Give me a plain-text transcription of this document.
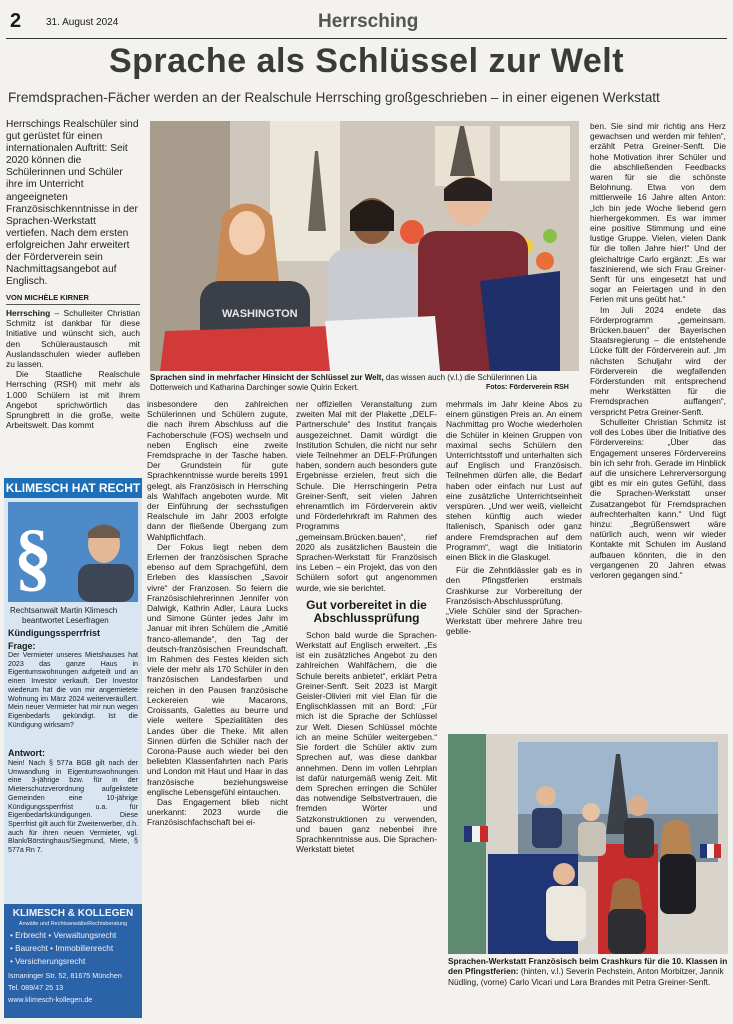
2 31. August 2024	Herrsching
Sprache als Schlüssel zur Welt
Fremdsprachen-Fächer werden an der Realschule Herrsching großgeschrieben – in einer eigenen Werkstatt
Herrschings Realschüler sind gut gerüstet für einen internationalen Auftritt: Seit 2020 können die Schülerinnen und Schüler ihre im Unterricht angeeigneten Französischkenntnisse in der Sprachen-Werkstatt vertiefen. Nach dem ersten erfolgreichen Jahr erweitert der Förderverein sein Nachmittagsangebot auf Englisch.
VON MICHÈLE KIRNER

Herrsching – Schulleiter Christian Schmitz ist dankbar für diese Initiative und wünscht sich, auch den Schüleraustausch mit Auslandsschulen wieder aufleben zu lassen.

Die Staatliche Realschule Herrsching (RSH) mit mehr als 1.000 Schülern ist mit ihrem Angebot sprichwörtlich das Sprungbrett in die große, weite Arbeitswelt. Das kommt

WASHINGTON
Sprachen sind in mehrfacher Hinsicht der Schlüssel zur Welt, das wissen auch (v.l.) die Schülerinnen Lia Dotterweich und Katharina Darchinger sowie Quirin Eckert.	Fotos: Förderverein RSH
KLIMESCH HAT RECHT
§
Rechtsanwalt Martin Klimesch
beantwortet Leserfragen
Kündigungssperrfrist
Frage:
Der Vermieter unseres Mietshauses hat 2023 das ganze Haus in Eigentumswohnungen aufgeteilt und an einen Investor verkauft. Der Investor wiederum hat die von mir angemietete Wohnung im März 2024 weiterveräußert. Mein neuer Vermieter hat mir nun wegen Eigenbedarfs gekündigt. Ist die Kündigung wirksam?
Antwort:
Nein! Nach § 577a BGB gilt nach der Umwandlung in Eigentumswohnungen eine 3-jährige bzw. für in der Mieterschutzverordnung aufgelistete Gemeinden eine 10-jährige Kündigungssperrfrist u.a. für Eigenbedarfskündigungen. Diese Sperrfrist gilt auch für Zweiterwerber, d.h. auch für ihren neuen Vermieter, vgl. Blank/Börstinghaus/Siegmund, Miete, § 577a Rn 7.
KLIMESCH & KOLLEGEN
Anwälte und Rechtsanwälte/Rechtsberatung
• Erbrecht • Verwaltungsrecht
• Baurecht • Immobilienrecht
• Versicherungsrecht
Ismaninger Str. 52, 81675 München
Tel. 089/47 25 13
www.klimesch-kollegen.de

insbesondere den zahlreichen Schülerinnen und Schülern zugute, die nach ihrem Abschluss auf die Fachoberschule (FOS) wechseln und neben Englisch eine zweite Fremdsprache in der Tasche haben. Der Grundstein für gute Sprachkenntnisse wurde bereits 1991 gelegt, als Französisch in Herrsching als Wahlfach angeboten wurde. Mit der Einführung der sechsstufigen Realschule im Jahr 2003 erfolgte dann der fließende Übergang zum Wahlpflichtfach.

Der Fokus liegt neben dem Erlernen der französischen Sprache ebenso auf dem Sprachgefühl, dem Erleben des klassischen „Savoir vivre“ der Franzosen. So feiern die Französischlehrerinnen Jennifer von Dalwigk, Kathrin Adler, Laura Lucks und Simone Günter jedes Jahr im Januar mit ihren Schülern die „Amitié franco-allemande“, den Tag der deutsch-französischen Freundschaft. Im Rahmen des Festes kleiden sich viele der mehr als 170 Schüler in den französischen Landesfarben und reichen in den Pausen französische Leckereien wie Macarons, Croissants, Galettes au beurre und viele weitere Spezialitäten des Landes über die Theke. Mit allen Sinnen dürfen die Schüler nach der Corona-Pause auch wieder bei den beliebten Klassenfahrten nach Paris und London mit Haut und Haar in das französische beziehungsweise englische Lebensgefühl eintauchen.

Das Engagement blieb nicht unerkannt: 2023 wurde die Französischfachschaft bei ei-

ner offiziellen Veranstaltung zum zweiten Mal mit der Plakette „DELF-Partnerschule“ des Institut français ausgezeichnet. Damit würdigt die Institution Schulen, die nicht nur sehr viele Teilnehmer an DELF-Prüfungen haben, sondern auch besonders gute Ergebnisse erzielen, freut sich die Schule. Die Herrschingerin Petra Greiner-Senft, seit vielen Jahren ehrenamtlich im Förderverein aktiv und Förderlehrkraft im Rahmen des Programms „gemeinsam.Brücken.bauen“, rief 2020 als zusätzlichen Baustein die Sprachen-Werkstatt für Französisch ins Leben – ein Projekt, das von den Schülern sofort gut angenommen wurde, wie sie berichtet.

Gut vorbereitet in die Abschlussprüfung

Schon bald wurde die Sprachen-Werkstatt auf Englisch erweitert. „Es ist ein zusätzliches Angebot zu den zahlreichen Wahlfächern, die die Schule bereits anbietet“, erklärt Petra Greiner-Senft. Seit 2023 ist Margit Geisler-Olivieri mit viel Elan für die Englischklassen mit an Bord: „Für mich ist die Sprache der Schlüssel zur Welt. Diesen Schlüssel möchte ich an meine Schüler weitergeben.“ Sie fordert die Schüler aktiv zum Sprechen auf, was diese dankbar annehmen. Denn im vollen Lehrplan ist dafür naturgemäß wenig Zeit. Mit dem Sprechen erringen die Schüler das notwendige Selbstvertrauen, die fremden Wörter und Satzkonstruktionen zu verwenden, und bauen ganz nebenbei ihre Sprachkenntnisse aus. Die Sprachen-Werkstatt bietet

mehrmals im Jahr kleine Abos zu einem günstigen Preis an. An einem Nachmittag pro Woche wiederholen die Schüler in kleinen Gruppen von maximal sechs Schülern den Unterrichtsstoff und unterhalten sich auf Englisch und Französisch. Teilnehmen dürfen alle, die Bedarf haben oder einfach nur Lust auf eine zusätzliche Unterrichtseinheit verspüren. „Und wer weiß, vielleicht stehen künftig auch wieder Italienisch, Spanisch oder ganz andere Fremdsprachen auf dem Programm“, wagt die Initiatorin einen Blick in die Glaskugel.

Für die Zehntklässler gab es in den Pfingstferien erstmals Crashkurse zur Vorbereitung der Französisch-Abschlussprüfung. „Viele Schüler sind der Sprachen-Werkstatt über mehrere Jahre treu geblie-

ben. Sie sind mir richtig ans Herz gewachsen und werden mir fehlen“, erzählt Petra Greiner-Senft. Die hohe Motivation ihrer Schüler und die abschließenden Feedbacks waren für sie die schönste Belohnung. Etwa von dem mittlerweile 16 Jahre alten Anton: „Ich bin jede Woche liebend gern hierhergekommen. Es war immer eine positive Stimmung und eine lustige Gruppe. Vielen, vielen Dank für die tollen Jahre hier!“ Und der gleichaltrige Carlo ergänzt: „Es war faszinierend, wie sich Frau Greiner-Senft für uns eingesetzt hat und sogar an Feiertagen und in den Ferien mit uns geübt hat.“

Im Juli 2024 endete das Förderprogramm „gemeinsam. Brücken.bauen“ der Bayerischen Staatsregierung – die entstehende Lücke füllt der Förderverein auf. „Im nächsten Schuljahr wird der Förderverein die wegfallenden Förderstunden mit entsprechend mehr Werkstätten für die Fremdsprachen auffangen“, verspricht Petra Greiner-Senft.

Schulleiter Christian Schmitz ist voll des Lobes über die Initiative des Fördervereins: „Über das Engagement unseres Fördervereins bin ich sehr froh. Gerade im Hinblick auf die unsichere Lehrerversorgung gibt es mir ein gutes Gefühl, dass die Sprachen-Werkstatt unser Zusatzangebot für Fremdsprachen aufrechterhalten kann.“ Und fügt hinzu: „Begrüßenswert wäre natürlich auch, wenn wir wieder Kontakte mit Schulen im Ausland aufbauen könnten, die in den vergangenen 20 Jahren etwas verloren gegangen sind.“

Sprachen-Werkstatt Französisch beim Crashkurs für die 10. Klassen in den Pfingstferien: (hinten, v.l.) Severin Pechstein, Anton Morbitzer, Jannik Nüdling, (vorne) Carlo Vicari und Lara Brandes mit Petra Greiner-Senft.
